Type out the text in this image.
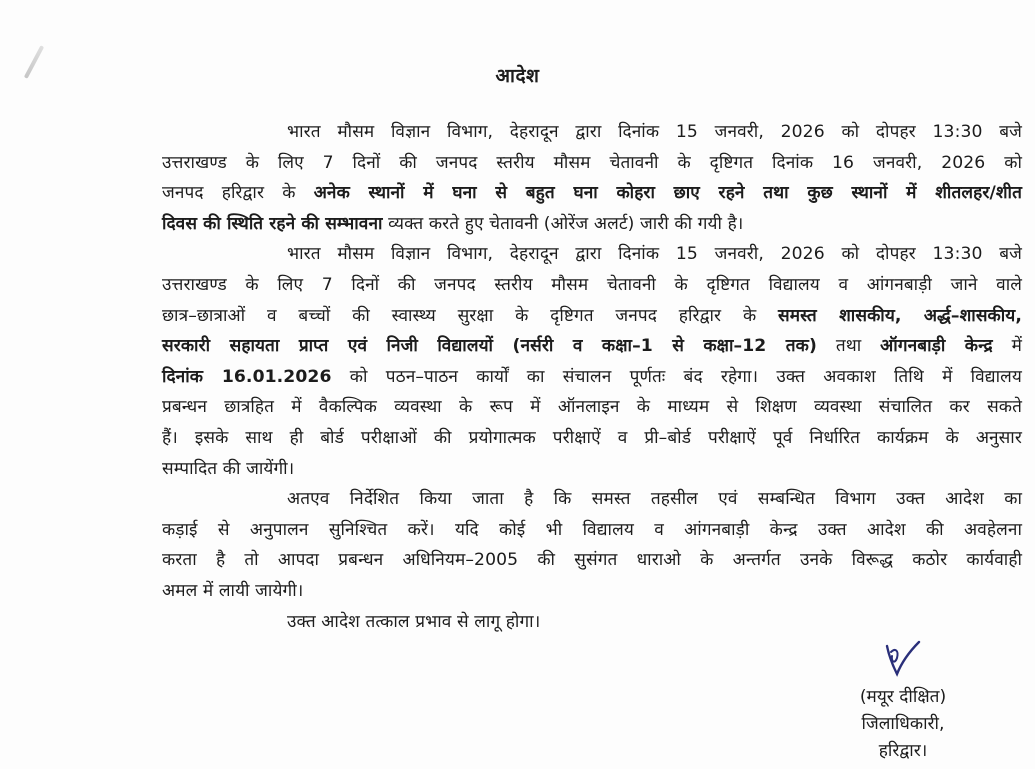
आदेश
भारत मौसम विज्ञान विभाग, देहरादून द्वारा दिनांक 15 जनवरी, 2026 को दोपहर 13:30 बजे
उत्तराखण्ड के लिए 7 दिनों की जनपद स्तरीय मौसम चेतावनी के दृष्टिगत दिनांक 16 जनवरी, 2026 को
जनपद हरिद्वार के अनेक स्थानों में घना से बहुत घना कोहरा छाए रहने तथा कुछ स्थानों में शीतलहर/शीत
दिवस की स्थिति रहने की सम्भावना व्यक्त करते हुए चेतावनी (ओरेंज अलर्ट) जारी की गयी है।
भारत मौसम विज्ञान विभाग, देहरादून द्वारा दिनांक 15 जनवरी, 2026 को दोपहर 13:30 बजे
उत्तराखण्ड के लिए 7 दिनों की जनपद स्तरीय मौसम चेतावनी के दृष्टिगत विद्यालय व आंगनबाड़ी जाने वाले
छात्र–छात्राओं व बच्चों की स्वास्थ्य सुरक्षा के दृष्टिगत जनपद हरिद्वार के समस्त शासकीय, अर्द्ध–शासकीय,
सरकारी सहायता प्राप्त एवं निजी विद्यालयों (नर्सरी व कक्षा–1 से कक्षा–12 तक) तथा ऑगनबाड़ी केन्द्र में
दिनांक 16.01.2026 को पठन–पाठन कार्यों का संचालन पूर्णतः बंद रहेगा। उक्त अवकाश तिथि में विद्यालय
प्रबन्धन छात्रहित में वैकल्पिक व्यवस्था के रूप में ऑनलाइन के माध्यम से शिक्षण व्यवस्था संचालित कर सकते
हैं। इसके साथ ही बोर्ड परीक्षाओं की प्रयोगात्मक परीक्षाऐं व प्री–बोर्ड परीक्षाऐं पूर्व निर्धारित कार्यक्रम के अनुसार
सम्पादित की जायेंगी।
अतएव निर्देशित किया जाता है कि समस्त तहसील एवं सम्बन्धित विभाग उक्त आदेश का
कड़ाई से अनुपालन सुनिश्चित करें। यदि कोई भी विद्यालय व आंगनबाड़ी केन्द्र उक्त आदेश की अवहेलना
करता है तो आपदा प्रबन्धन अधिनियम–2005 की सुसंगत धाराओ के अन्तर्गत उनके विरूद्ध कठोर कार्यवाही
अमल में लायी जायेगी।
उक्त आदेश तत्काल प्रभाव से लागू होगा।
(मयूर दीक्षित)
जिलाधिकारी,
हरिद्वार।
